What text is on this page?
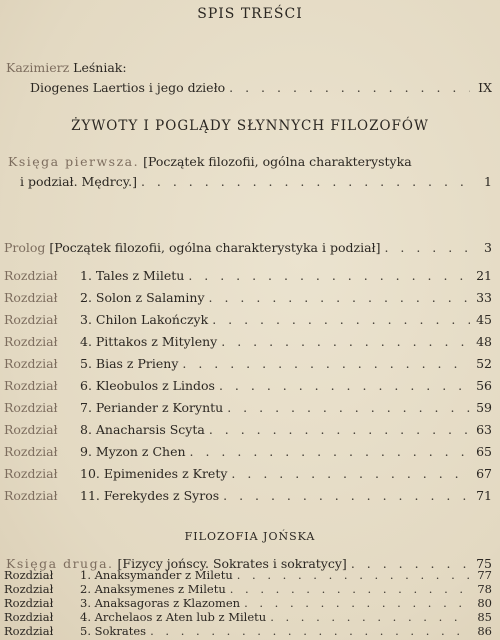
SPIS TREŚCI
Kazimierz Leśniak:
Diogenes Laertios i jego dzieło . . .	IX
ŻYWOTY I POGLĄDY SŁYNNYCH FILOZOFÓW
Księga pierwsza. [Początek filozofii, ogólna charakterystyka
i podział. Mędrcy.] . . .	1
Prolog [Początek filozofii, ogólna charakterystyka i podział] . . .	3
Rozdział 1. Tales z Miletu . . .	21
Rozdział 2. Solon z Salaminy . . .	33
Rozdział 3. Chilon Lakończyk . . .	45
Rozdział 4. Pittakos z Mityleny . . .	48
Rozdział 5. Bias z Prieny . . .	52
Rozdział 6. Kleobulos z Lindos . . .	56
Rozdział 7. Periander z Koryntu . . .	59
Rozdział 8. Anacharsis Scyta . . .	63
Rozdział 9. Myzon z Chen . . .	65
Rozdział 10. Epimenides z Krety . . .	67
Rozdział 11. Ferekydes z Syros . . .	71
FILOZOFIA JOŃSKA
Księga druga. [Fizycy jońscy. Sokrates i sokratycy] . . .	75
Rozdział 1. Anaksymander z Miletu . . .	77
Rozdział 2. Anaksymenes z Miletu . . .	78
Rozdział 3. Anaksagoras z Klazomen . . .	80
Rozdział 4. Archelaos z Aten lub z Miletu . . .	85
Rozdział 5. Sokrates . . .	86
